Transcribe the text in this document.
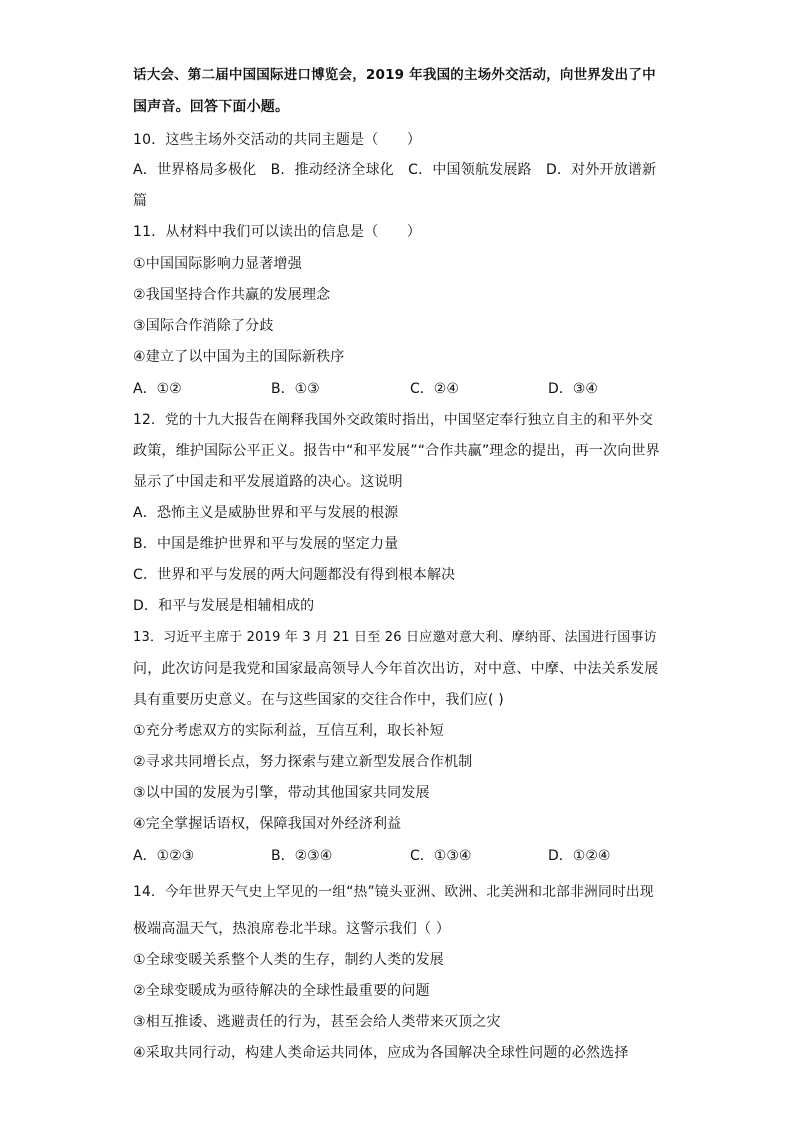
话大会、第二届中国国际进口博览会，2019 年我国的主场外交活动，向世界发出了中
国声音。回答下面小题。
10．这些主场外交活动的共同主题是（　　）
A．世界格局多极化　B．推动经济全球化　C．中国领航发展路　D．对外开放谱新
篇
11．从材料中我们可以读出的信息是（　　）
①中国国际影响力显著增强
②我国坚持合作共赢的发展理念
③国际合作消除了分歧
④建立了以中国为主的国际新秩序
A．①②	B．①③	C．②④	D．③④
12．党的十九大报告在阐释我国外交政策时指出，中国坚定奉行独立自主的和平外交
政策，维护国际公平正义。报告中“和平发展”“合作共赢”理念的提出，再一次向世界
显示了中国走和平发展道路的决心。这说明
A．恐怖主义是威胁世界和平与发展的根源
B．中国是维护世界和平与发展的坚定力量
C．世界和平与发展的两大问题都没有得到根本解决
D．和平与发展是相辅相成的
13．习近平主席于 2019 年 3 月 21 日至 26 日应邀对意大利、摩纳哥、法国进行国事访
问，此次访问是我党和国家最高领导人今年首次出访，对中意、中摩、中法关系发展
具有重要历史意义。在与这些国家的交往合作中，我们应( )
①充分考虑双方的实际利益，互信互利，取长补短
②寻求共同增长点，努力探索与建立新型发展合作机制
③以中国的发展为引擎，带动其他国家共同发展
④完全掌握话语权，保障我国对外经济利益
A．①②③	B．②③④	C．①③④	D．①②④
14．今年世界天气史上罕见的一组“热”镜头亚洲、欧洲、北美洲和北部非洲同时出现
极端高温天气，热浪席卷北半球。这警示我们（ ）
①全球变暖关系整个人类的生存，制约人类的发展
②全球变暖成为亟待解决的全球性最重要的问题
③相互推诿、逃避责任的行为，甚至会给人类带来灭顶之灾
④采取共同行动，构建人类命运共同体，应成为各国解决全球性问题的必然选择
